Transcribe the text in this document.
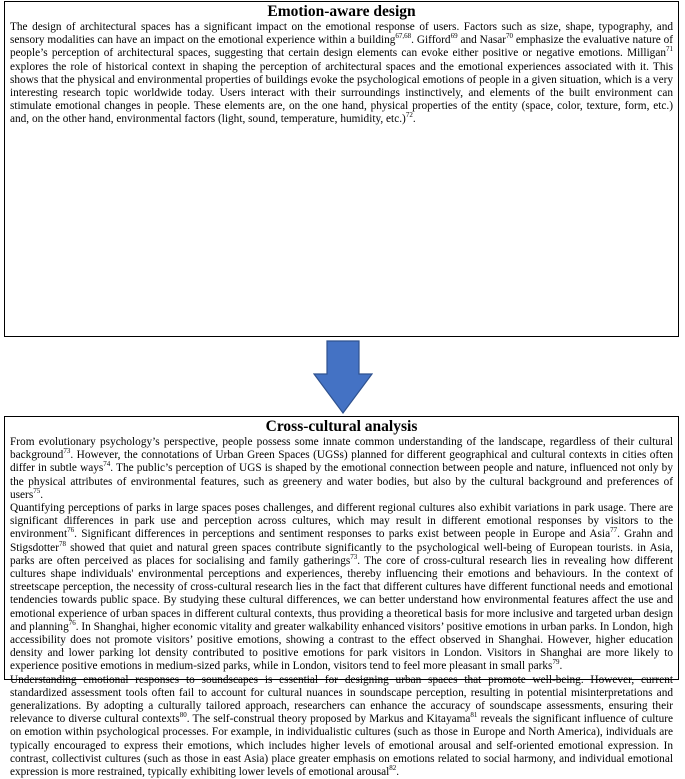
Emotion-aware design

The design of architectural spaces has a significant impact on the emotional response of users. Factors such as size, shape, typography, and sensory modalities can have an impact on the emotional experience within a building$^{67,68}$. Gifford$^{69}$ and Nasar$^{70}$ emphasize the evaluative nature of people’s perception of architectural spaces, suggesting that certain design elements can evoke either positive or negative emotions. Milligan$^{71}$ explores the role of historical context in shaping the perception of architectural spaces and the emotional experiences associated with it. This shows that the physical and environmental properties of buildings evoke the psychological emotions of people in a given situation, which is a very interesting research topic worldwide today. Users interact with their surroundings instinctively, and elements of the built environment can stimulate emotional changes in people. These elements are, on the one hand, physical properties of the entity (space, color, texture, form, etc.) and, on the other hand, environmental factors (light, sound, temperature, humidity, etc.)$^{72}$.

Cross-cultural analysis

From evolutionary psychology’s perspective, people possess some innate common understanding of the landscape, regardless of their cultural background$^{73}$. However, the connotations of Urban Green Spaces (UGSs) planned for different geographical and cultural contexts in cities often differ in subtle ways$^{74}$. The public’s perception of UGS is shaped by the emotional connection between people and nature, influenced not only by the physical attributes of environmental features, such as greenery and water bodies, but also by the cultural background and preferences of users$^{75}$.

Quantifying perceptions of parks in large spaces poses challenges, and different regional cultures also exhibit variations in park usage. There are significant differences in park use and perception across cultures, which may result in different emotional responses by visitors to the environment$^{76}$. Significant differences in perceptions and sentiment responses to parks exist between people in Europe and Asia$^{77}$. Grahn and Stigsdotter$^{78}$ showed that quiet and natural green spaces contribute significantly to the psychological well-being of European tourists. in Asia, parks are often perceived as places for socialising and family gatherings$^{73}$. The core of cross-cultural research lies in revealing how different cultures shape individuals' environmental perceptions and experiences, thereby influencing their emotions and behaviours. In the context of streetscape perception, the necessity of cross-cultural research lies in the fact that different cultures have different functional needs and emotional tendencies towards public space. By studying these cultural differences, we can better understand how environmental features affect the use and emotional experience of urban spaces in different cultural contexts, thus providing a theoretical basis for more inclusive and targeted urban design and planning$^{76}$. In Shanghai, higher economic vitality and greater walkability enhanced visitors’ positive emotions in urban parks. In London, high accessibility does not promote visitors’ positive emotions, showing a contrast to the effect observed in Shanghai. However, higher education density and lower parking lot density contributed to positive emotions for park visitors in London. Visitors in Shanghai are more likely to experience positive emotions in medium-sized parks, while in London, visitors tend to feel more pleasant in small parks$^{79}$.

Understanding emotional responses to soundscapes is essential for designing urban spaces that promote well-being. However, current standardized assessment tools often fail to account for cultural nuances in soundscape perception, resulting in potential misinterpretations and generalizations. By adopting a culturally tailored approach, researchers can enhance the accuracy of soundscape assessments, ensuring their relevance to diverse cultural contexts$^{80}$. The self-construal theory proposed by Markus and Kitayama$^{81}$ reveals the significant influence of culture on emotion within psychological processes. For example, in individualistic cultures (such as those in Europe and North America), individuals are typically encouraged to express their emotions, which includes higher levels of emotional arousal and self-oriented emotional expression. In contrast, collectivist cultures (such as those in east Asia) place greater emphasis on emotions related to social harmony, and individual emotional expression is more restrained, typically exhibiting lower levels of emotional arousal$^{82}$.
